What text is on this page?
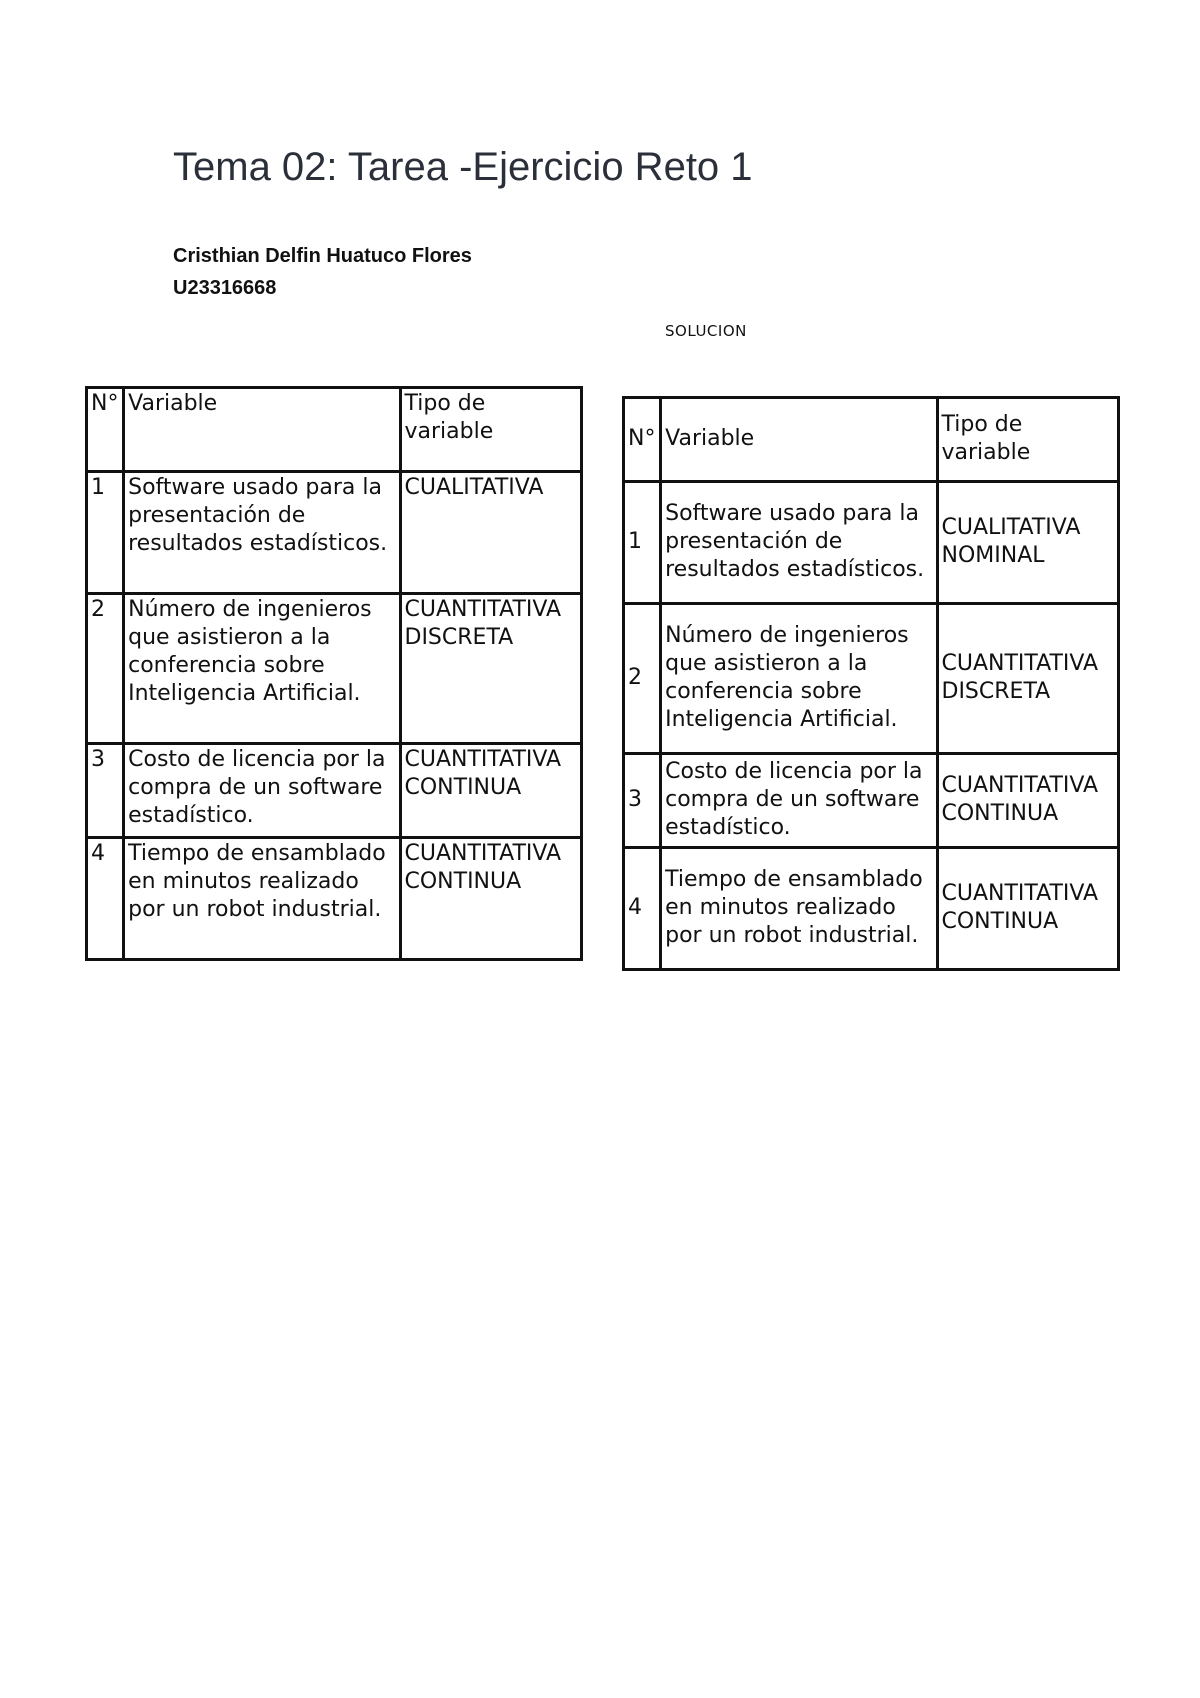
Tema 02: Tarea -Ejercicio Reto 1
Cristhian Delfin Huatuco Flores
U23316668
SOLUCION
N°	Variable	Tipo de variable
1	Software usado para la presentación de resultados estadísticos.	CUALITATIVA
2	Número de ingenieros que asistieron a la conferencia sobre Inteligencia Artificial.	CUANTITATIVA DISCRETA
3	Costo de licencia por la compra de un software estadístico.	CUANTITATIVA CONTINUA
4	Tiempo de ensamblado en minutos realizado por un robot industrial.	CUANTITATIVA CONTINUA
N°	Variable	Tipo de variable
1	Software usado para la presentación de resultados estadísticos.	CUALITATIVA NOMINAL
2	Número de ingenieros que asistieron a la conferencia sobre Inteligencia Artificial.	CUANTITATIVA DISCRETA
3	Costo de licencia por la compra de un software estadístico.	CUANTITATIVA CONTINUA
4	Tiempo de ensamblado en minutos realizado por un robot industrial.	CUANTITATIVA CONTINUA
